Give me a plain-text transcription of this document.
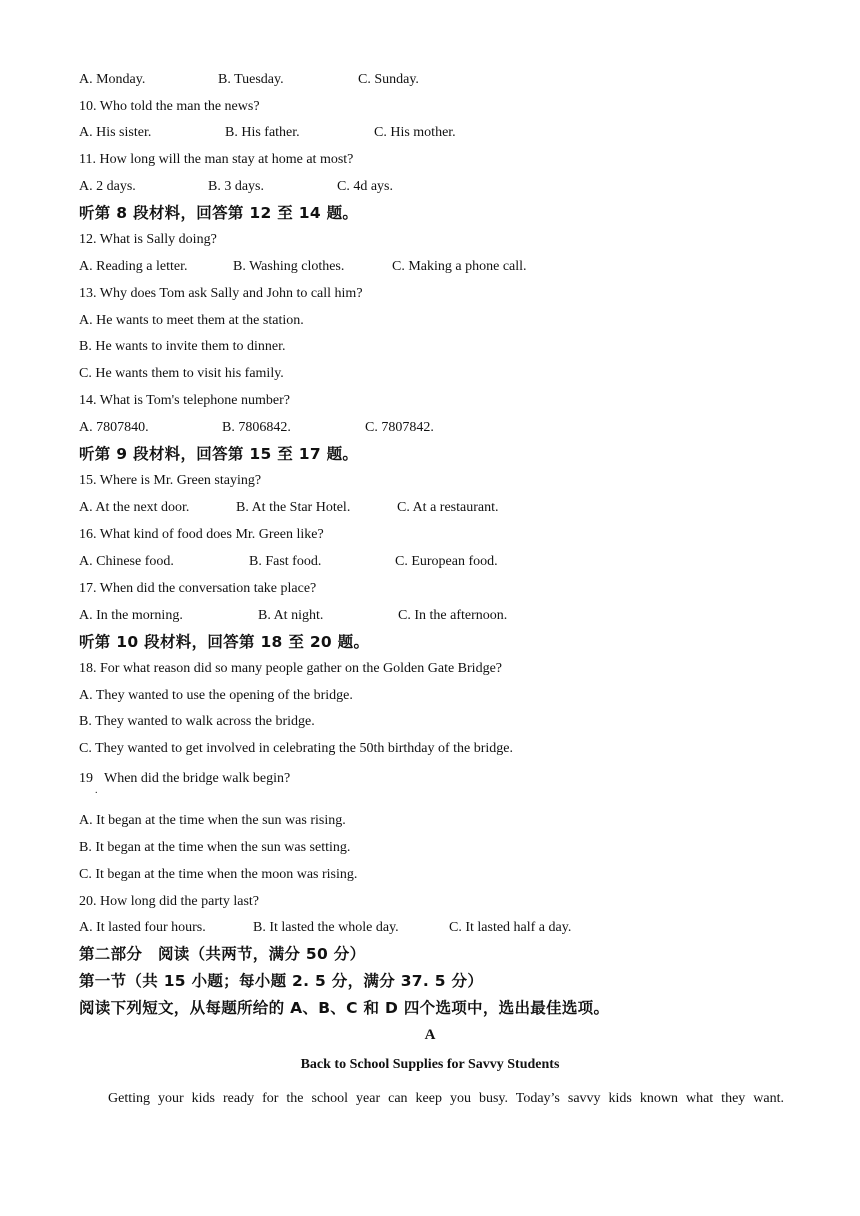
A. Monday.	B. Tuesday.	C. Sunday.
10. Who told the man the news?
A. His sister.	B. His father.	C. His mother.
11. How long will the man stay at home at most?
A. 2 days.	B. 3 days.	C. 4d ays.
听第 8 段材料，回答第 12 至 14 题。
12. What is Sally doing?
A. Reading a letter.	B. Washing clothes.	C. Making a phone call.
13. Why does Tom ask Sally and John to call him?
A. He wants to meet them at the station.
B. He wants to invite them to dinner.
C. He wants them to visit his family.
14. What is Tom's telephone number?
A. 7807840.	B. 7806842.	C. 7807842.
听第 9 段材料，回答第 15 至 17 题。
15. Where is Mr. Green staying?
A. At the next door.	B. At the Star Hotel.	C. At a restaurant.
16. What kind of food does Mr. Green like?
A. Chinese food.	B. Fast food.	C. European food.
17. When did the conversation take place?
A. In the morning.	B. At night.	C. In the afternoon.
听第 10 段材料，回答第 18 至 20 题。
18. For what reason did so many people gather on the Golden Gate Bridge?
A. They wanted to use the opening of the bridge.
B. They wanted to walk across the bridge.
C. They wanted to get involved in celebrating the 50th birthday of the bridge.
19 When did the bridge walk begin?
.
A. It began at the time when the sun was rising.
B. It began at the time when the sun was setting.
C. It began at the time when the moon was rising.
20. How long did the party last?
A. It lasted four hours.	B. It lasted the whole day.	C. It lasted half a day.
第二部分　阅读（共两节，满分 50 分）
第一节（共 15 小题；每小题 2. 5 分，满分 37. 5 分）
阅读下列短文，从每题所给的 A、B、C 和 D 四个选项中，选出最佳选项。
A
Back to School Supplies for Savvy Students
Getting your kids ready for the school year can keep you busy. Today’s savvy kids known what they want.
